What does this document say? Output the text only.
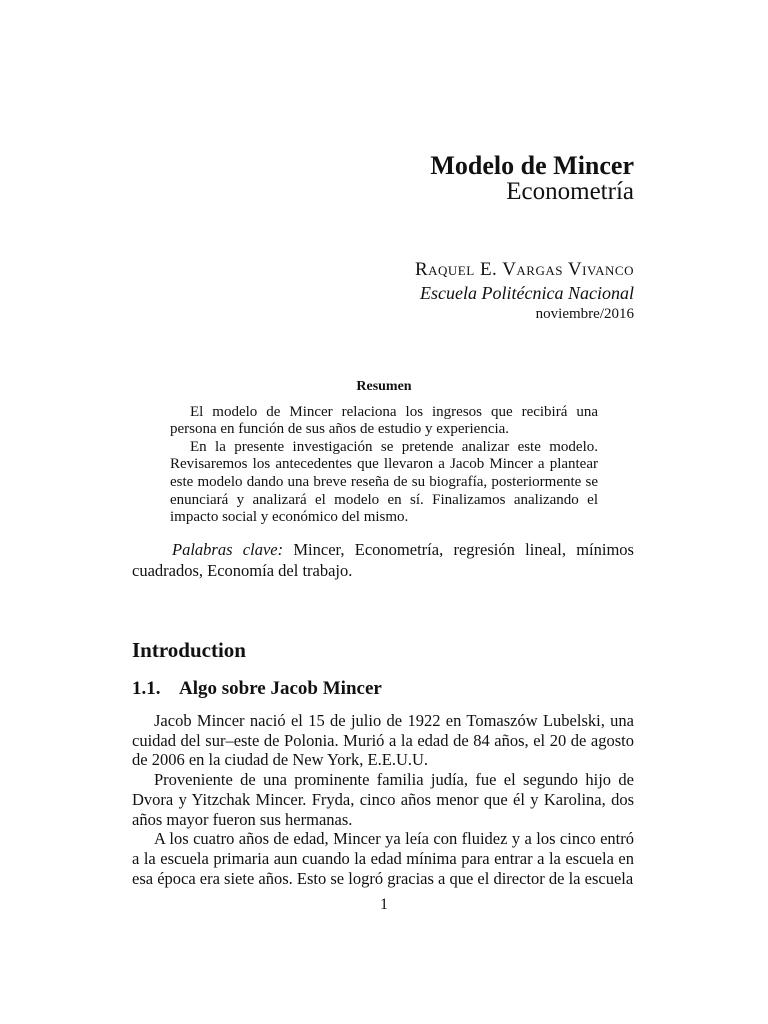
Modelo de Mincer
Econometría
Raquel E. Vargas Vivanco
Escuela Politécnica Nacional
noviembre/2016
Resumen

El modelo de Mincer relaciona los ingresos que recibirá una persona en función de sus años de estudio y experiencia.

En la presente investigación se pretende analizar este modelo. Revisaremos los antecedentes que llevaron a Jacob Mincer a plantear este modelo dando una breve reseña de su biografía, posteriormente se enunciará y analizará el modelo en sí. Finalizamos analizando el impacto social y económico del mismo.

Palabras clave: Mincer, Econometría, regresión lineal, mínimos cuadrados, Economía del trabajo.
Introduction
1.1. Algo sobre Jacob Mincer

Jacob Mincer nació el 15 de julio de 1922 en Tomaszów Lubelski, una cuidad del sur–este de Polonia. Murió a la edad de 84 años, el 20 de agosto de 2006 en la ciudad de New York, E.E.U.U.

Proveniente de una prominente familia judía, fue el segundo hijo de Dvora y Yitzchak Mincer. Fryda, cinco años menor que él y Karolina, dos años mayor fueron sus hermanas.

A los cuatro años de edad, Mincer ya leía con fluidez y a los cinco entró a la escuela primaria aun cuando la edad mínima para entrar a la escuela en esa época era siete años. Esto se logró gracias a que el director de la escuela

1
